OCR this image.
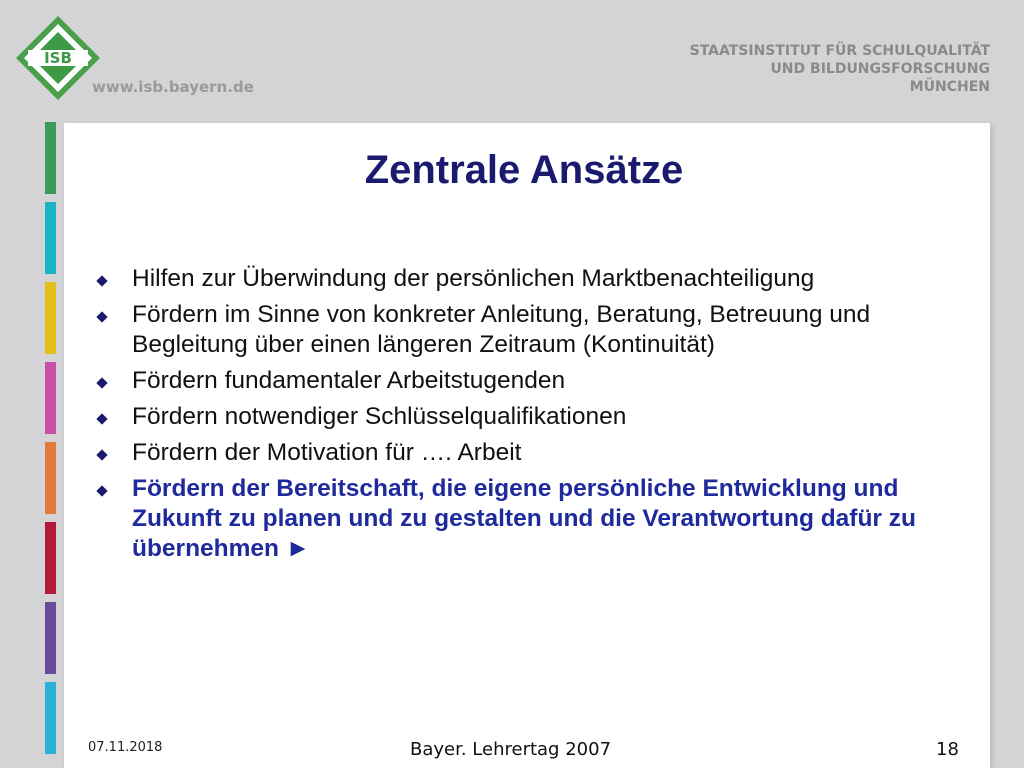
ISB
www.isb.bayern.de
STAATSINSTITUT FÜR SCHULQUALITÄT
UND BILDUNGSFORSCHUNG
MÜNCHEN
Zentrale Ansätze
Hilfen zur Überwindung der persönlichen Marktbenachteiligung
Fördern im Sinne von konkreter Anleitung, Beratung, Betreuung und Begleitung über einen längeren Zeitraum (Kontinuität)
Fördern fundamentaler Arbeitstugenden
Fördern notwendiger Schlüsselqualifikationen
Fördern der Motivation für …. Arbeit
Fördern der Bereitschaft, die eigene persönliche Entwicklung und Zukunft zu planen und zu gestalten und die Verantwortung dafür zu übernehmen ►
07.11.2018	Bayer. Lehrertag 2007	18
